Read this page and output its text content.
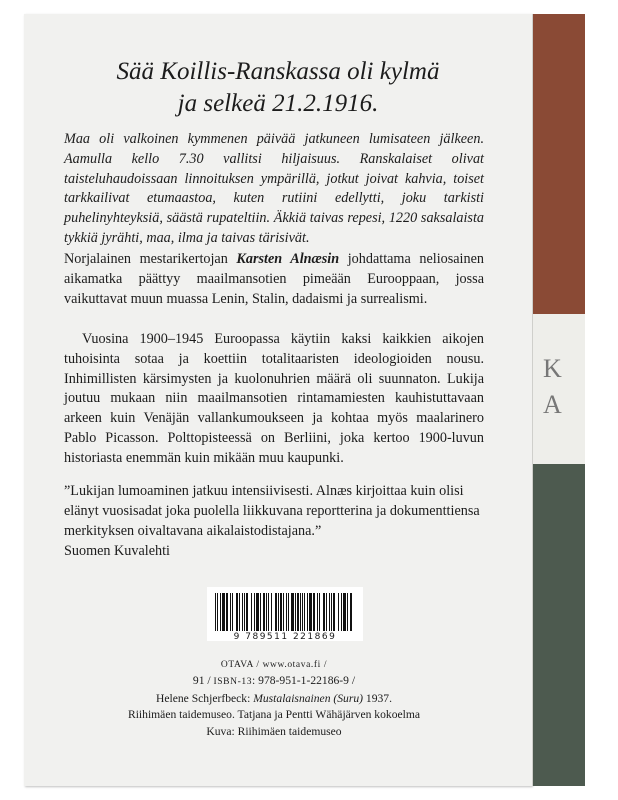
K
A
Sää Koillis-Ranskassa oli kylmä
ja selkeä 21.2.1916.

Maa oli valkoinen kymmenen päivää jatkuneen lumisateen jälkeen. Aamulla kello 7.30 vallitsi hiljaisuus. Ranskalaiset olivat taisteluhaudoissaan linnoituksen ympärillä, jotkut joivat kahvia, toiset tarkkailivat etumaastoa, kuten rutiini edellytti, joku tarkisti puhelinyhteyksiä, säästä rupateltiin. Äkkiä taivas repesi, 1220 saksalaista tykkiä jyrähti, maa, ilma ja taivas tärisivät.

Norjalainen mestarikertojan Karsten Alnæsin johdattama neliosainen aikamatka päättyy maailmansotien pimeään Eurooppaan, jossa vaikuttavat muun muassa Lenin, Stalin, dadaismi ja surrealismi.

Vuosina 1900–1945 Euroopassa käytiin kaksi kaikkien aikojen tuhoisinta sotaa ja koettiin totalitaaristen ideologioiden nousu. Inhimillisten kärsimysten ja kuolonuhrien määrä oli suunnaton. Lukija joutuu mukaan niin maailmansotien rintamamiesten kauhistuttavaan arkeen kuin Venäjän vallankumoukseen ja kohtaa myös maalarinero Pablo Picasson. Polttopisteessä on Berliini, joka kertoo 1900-luvun historiasta enemmän kuin mikään muu kaupunki.

”Lukijan lumoaminen jatkuu intensiivisesti. Alnæs kirjoittaa kuin olisi elänyt vuosisadat joka puolella liikkuvana reportterina ja dokumenttiensa merkityksen oivaltavana aikalaistodistajana.”

Suomen Kuvalehti

9 789511 221869
OTAVA / www.otava.fi /
91 / ISBN-13: 978-951-1-22186-9 /
Helene Schjerfbeck: Mustalaisnainen (Suru) 1937.
Riihimäen taidemuseo. Tatjana ja Pentti Wähäjärven kokoelma
Kuva: Riihimäen taidemuseo
